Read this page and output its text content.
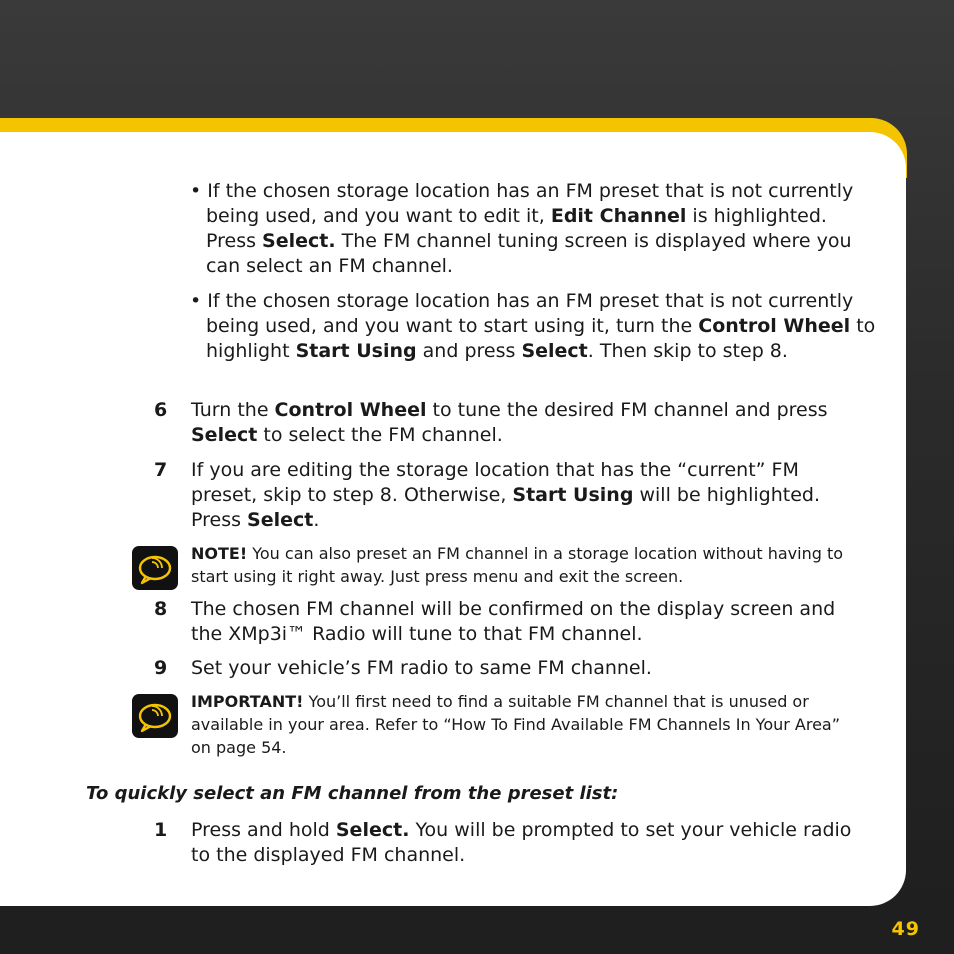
• If the chosen storage location has an FM preset that is not currently being used, and you want to edit it, Edit Channel is highlighted. Press Select. The FM channel tuning screen is displayed where you can select an FM channel.
• If the chosen storage location has an FM preset that is not currently being used, and you want to start using it, turn the Control Wheel to highlight Start Using and press Select. Then skip to step 8.
6 Turn the Control Wheel to tune the desired FM channel and press Select to select the FM channel.
7 If you are editing the storage location that has the “current” FM preset, skip to step 8. Otherwise, Start Using will be highlighted. Press Select.
NOTE! You can also preset an FM channel in a storage location without having to start using it right away. Just press menu and exit the screen.
8 The chosen FM channel will be confirmed on the display screen and the XMp3i™ Radio will tune to that FM channel.
9 Set your vehicle’s FM radio to same FM channel.
IMPORTANT! You’ll first need to find a suitable FM channel that is unused or available in your area. Refer to “How To Find Available FM Channels In Your Area” on page 54.
To quickly select an FM channel from the preset list:
1 Press and hold Select. You will be prompted to set your vehicle radio to the displayed FM channel.
49
